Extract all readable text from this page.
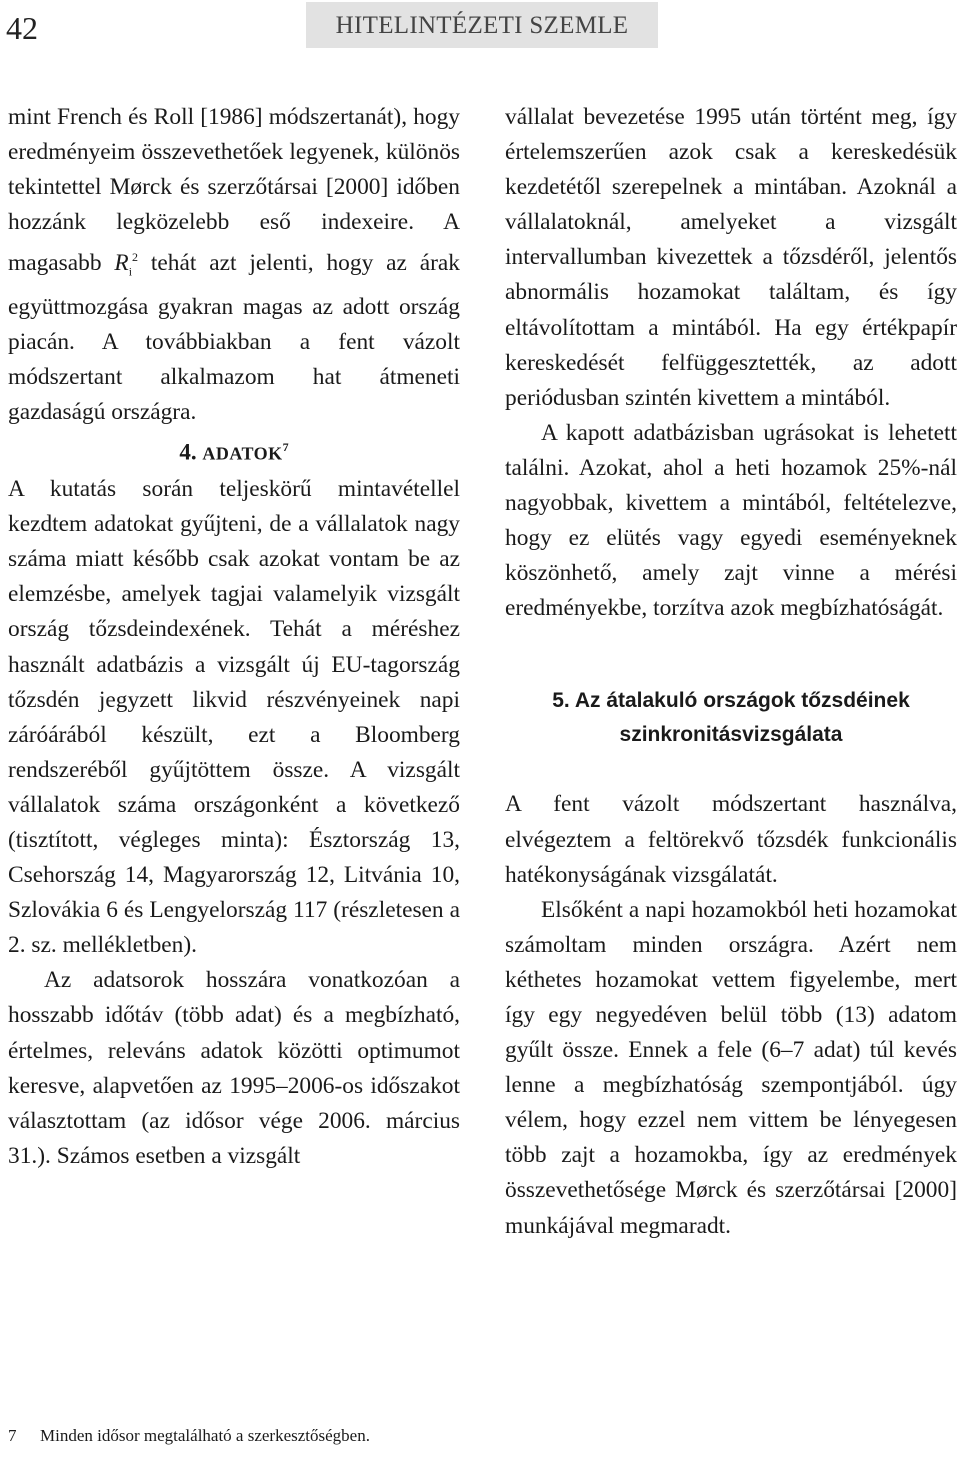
42	HITELINTÉZETI SZEMLE

mint French és Roll [1986] módszertanát), hogy eredményeim összevethetőek legyenek, különös tekintettel Mørck és szerzőtársai [2000] időben hozzánk legközelebb eső indexeire. A magasabb $R_i^2$ tehát azt jelenti, hogy az árak együttmozgása gyakran magas az adott ország piacán. A továbbiakban a fent vázolt módszertant alkalmazom hat átmeneti gazdaságú országra.

4. ADATOK$^7$

A kutatás során teljeskörű mintavétellel kezdtem adatokat gyűjteni, de a vállalatok nagy száma miatt később csak azokat vontam be az elemzésbe, amelyek tagjai valamelyik vizsgált ország tőzsdeindexének. Tehát a méréshez használt adatbázis a vizsgált új EU-tagország tőzsdén jegyzett likvid részvényeinek napi záróárából készült, ezt a Bloomberg rendszeréből gyűjtöttem össze. A vizsgált vállalatok száma országonként a következő (tisztított, végleges minta): Észtország 13, Csehország 14, Magyarország 12, Litvánia 10, Szlovákia 6 és Lengyelország 117 (részletesen a 2. sz. mellékletben).

Az adatsorok hosszára vonatkozóan a hosszabb időtáv (több adat) és a megbízható, értelmes, releváns adatok közötti optimumot keresve, alapvetően az 1995–2006-os időszakot választottam (az idősor vége 2006. március 31.). Számos esetben a vizsgált

vállalat bevezetése 1995 után történt meg, így értelemszerűen azok csak a kereskedésük kezdetétől szerepelnek a mintában. Azoknál a vállalatoknál, amelyeket a vizsgált intervallumban kivezettek a tőzsdéről, jelentős abnormális hozamokat találtam, és így eltávolítottam a mintából. Ha egy értékpapír kereskedését felfüggesztették, az adott periódusban szintén kivettem a mintából.

A kapott adatbázisban ugrásokat is lehetett találni. Azokat, ahol a heti hozamok 25%-nál nagyobbak, kivettem a mintából, feltételezve, hogy ez elütés vagy egyedi eseményeknek köszönhető, amely zajt vinne a mérési eredményekbe, torzítva azok megbízhatóságát.

5. Az átalakuló országok tőzsdéinek
szinkronitásvizsgálata

A fent vázolt módszertant használva, elvégeztem a feltörekvő tőzsdék funkcionális hatékonyságának vizsgálatát.

Elsőként a napi hozamokból heti hozamokat számoltam minden országra. Azért nem kéthetes hozamokat vettem figyelembe, mert így egy negyedéven belül több (13) adatom gyűlt össze. Ennek a fele (6–7 adat) túl kevés lenne a megbízhatóság szempontjából. úgy vélem, hogy ezzel nem vittem be lényegesen több zajt a hozamokba, így az eredmények összevethetősége Mørck és szerzőtársai [2000] munkájával megmaradt.

7 Minden idősor megtalálható a szerkesztőségben.
